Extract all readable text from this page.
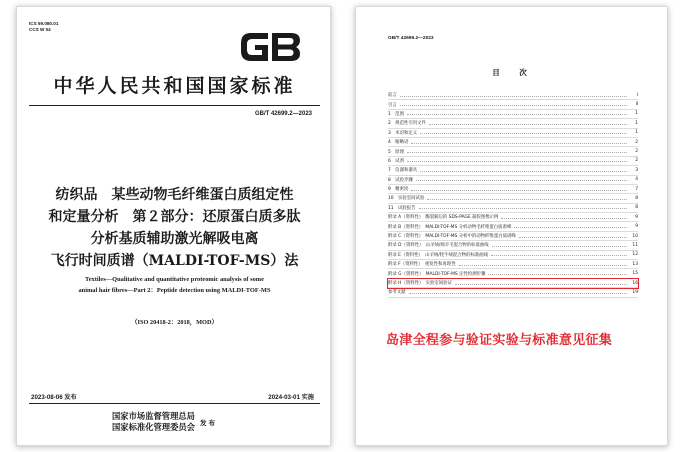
ICS 59.080.01
CCS W 04
中华人民共和国国家标准
GB/T 42699.2—2023
纺织品　某些动物毛纤维蛋白质组定性
和定量分析　第２部分：还原蛋白质多肽
分析基质辅助激光解吸电离
飞行时间质谱（MALDI-TOF-MS）法
Textiles—Qualitative and quantitative proteomic analysis of some
animal hair fibres—Part 2：Peptide detection using MALDI-TOF-MS
（ISO 20418-2：2018，MOD）
2023-08-06 发布	2024-03-01 实施
国家市场监督管理总局
国家标准化管理委员会 发布
GB/T 42699.2—2023
目　次
前言	Ⅰ
引言	Ⅱ
1　范围	1
2　规范性引用文件	1
3　术语和定义	1
4　缩略语	2
5　原理	2
6　试剂	2
7　仪器和器具	3
8　试验步骤	4
9　精密度	7
10　实验室间试验	8
11　试验报告	8
附录 A（资料性）　酶裂解后的 SDS-PAGE 凝胶图像示例	9
附录 B（资料性）　MALDI-TOF-MS 分析动物毛纤维蛋白质谱峰	9
附录 C（资料性）　MALDI-TOF-MS 分析中的动物纤维蛋白质谱峰	10
附录 D（资料性）　山羊绒/绵羊毛混合物的标准曲线	11
附录 E（资料性）　山羊绒/牦牛绒混合物的标准曲线	12
附录 F（资料性）　重复性和再现性	13
附录 G（资料性）　MALDI-TOF-MS 定性检测步骤	15
附录 H（资料性）　实验室间验证	16
参考文献	19
岛津全程参与验证实验与标准意见征集
